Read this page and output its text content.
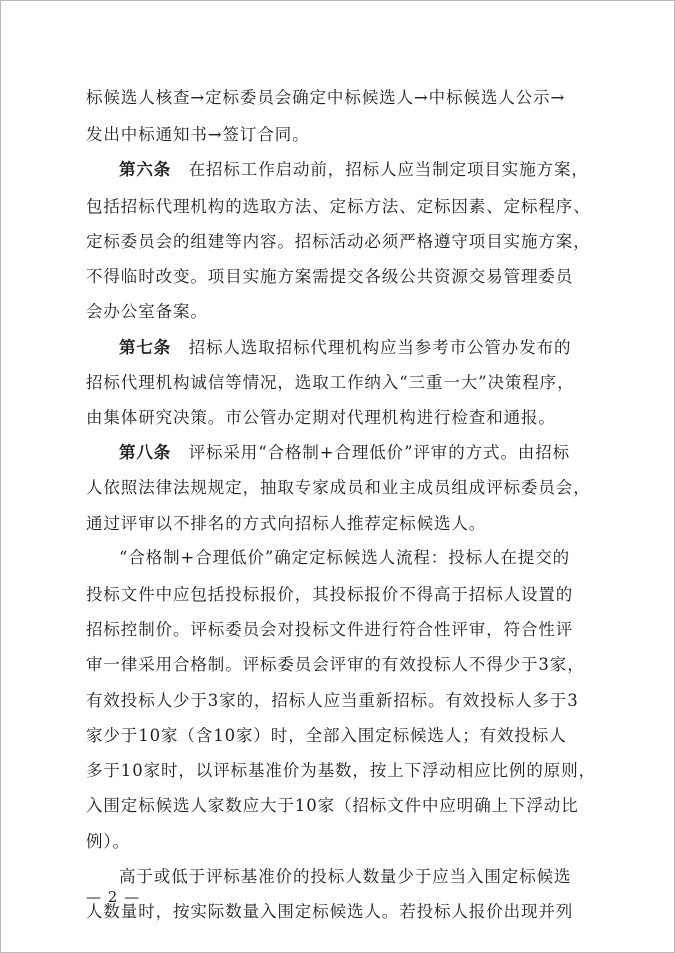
标候选人核查→定标委员会确定中标候选人→中标候选人公示→
发出中标通知书→签订合同。
第六条　在招标工作启动前，招标人应当制定项目实施方案，
包括招标代理机构的选取方法、定标方法、定标因素、定标程序、
定标委员会的组建等内容。招标活动必须严格遵守项目实施方案，
不得临时改变。项目实施方案需提交各级公共资源交易管理委员
会办公室备案。
第七条　招标人选取招标代理机构应当参考市公管办发布的
招标代理机构诚信等情况，选取工作纳入“三重一大”决策程序，
由集体研究决策。市公管办定期对代理机构进行检查和通报。
第八条　评标采用“合格制+合理低价”评审的方式。由招标
人依照法律法规规定，抽取专家成员和业主成员组成评标委员会，
通过评审以不排名的方式向招标人推荐定标候选人。
“合格制+合理低价”确定定标候选人流程：投标人在提交的
投标文件中应包括投标报价，其投标报价不得高于招标人设置的
招标控制价。评标委员会对投标文件进行符合性评审，符合性评
审一律采用合格制。评标委员会评审的有效投标人不得少于3家，
有效投标人少于3家的，招标人应当重新招标。有效投标人多于3
家少于10家（含10家）时，全部入围定标候选人；有效投标人
多于10家时，以评标基准价为基数，按上下浮动相应比例的原则，
入围定标候选人家数应大于10家（招标文件中应明确上下浮动比
例）。
高于或低于评标基准价的投标人数量少于应当入围定标候选
人数量时，按实际数量入围定标候选人。若投标人报价出现并列
— 2 —
